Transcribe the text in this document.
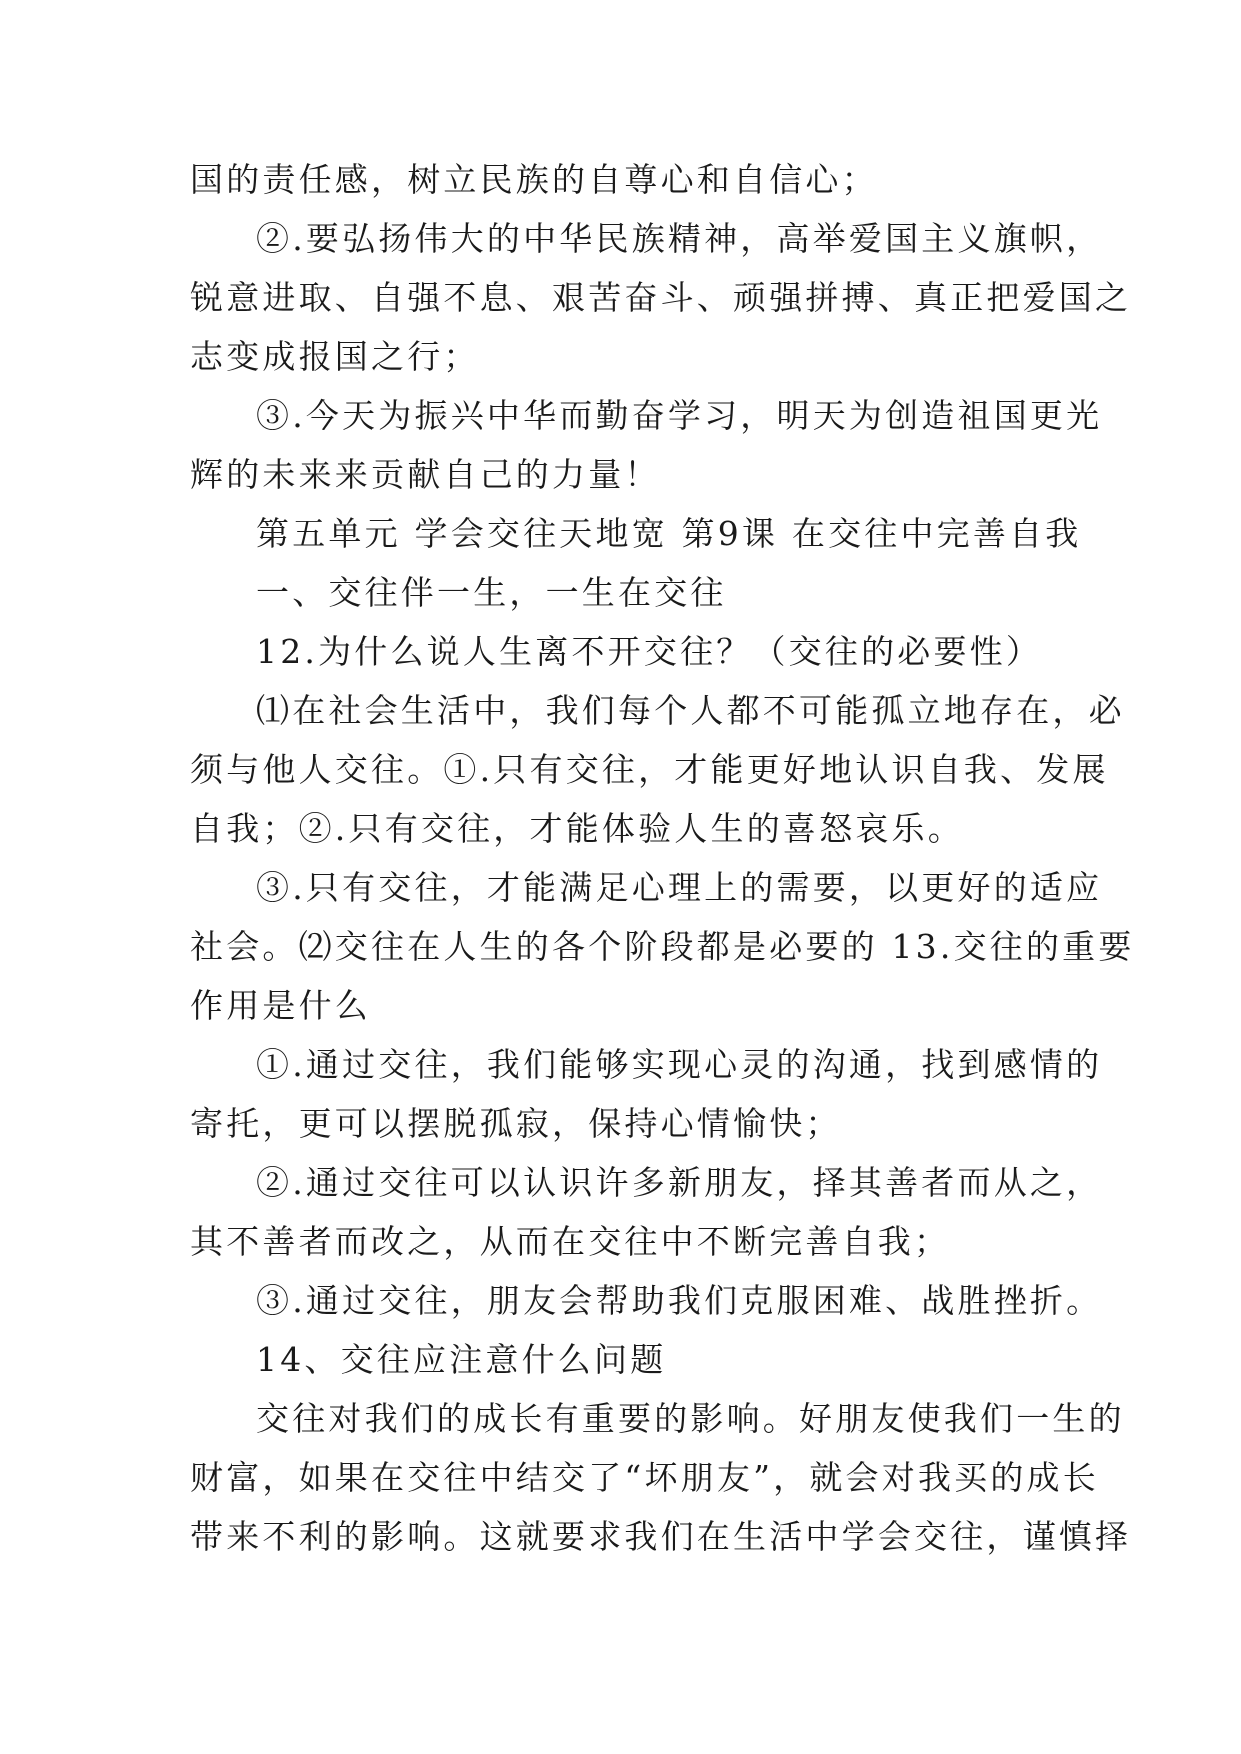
国的责任感，树立民族的自尊心和自信心；
②.要弘扬伟大的中华民族精神，高举爱国主义旗帜，
锐意进取、自强不息、艰苦奋斗、顽强拼搏、真正把爱国之
志变成报国之行；
③.今天为振兴中华而勤奋学习，明天为创造祖国更光
辉的未来来贡献自己的力量！
第五单元 学会交往天地宽 第9课 在交往中完善自我
一、交往伴一生，一生在交往
12.为什么说人生离不开交往？（交往的必要性）
⑴在社会生活中，我们每个人都不可能孤立地存在，必
须与他人交往。①.只有交往，才能更好地认识自我、发展
自我；②.只有交往，才能体验人生的喜怒哀乐。
③.只有交往，才能满足心理上的需要，以更好的适应
社会。⑵交往在人生的各个阶段都是必要的 13.交往的重要
作用是什么
①.通过交往，我们能够实现心灵的沟通，找到感情的
寄托，更可以摆脱孤寂，保持心情愉快；
②.通过交往可以认识许多新朋友，择其善者而从之，
其不善者而改之，从而在交往中不断完善自我；
③.通过交往，朋友会帮助我们克服困难、战胜挫折。
14、交往应注意什么问题
交往对我们的成长有重要的影响。好朋友使我们一生的
财富，如果在交往中结交了“坏朋友”，就会对我买的成长
带来不利的影响。这就要求我们在生活中学会交往，谨慎择
